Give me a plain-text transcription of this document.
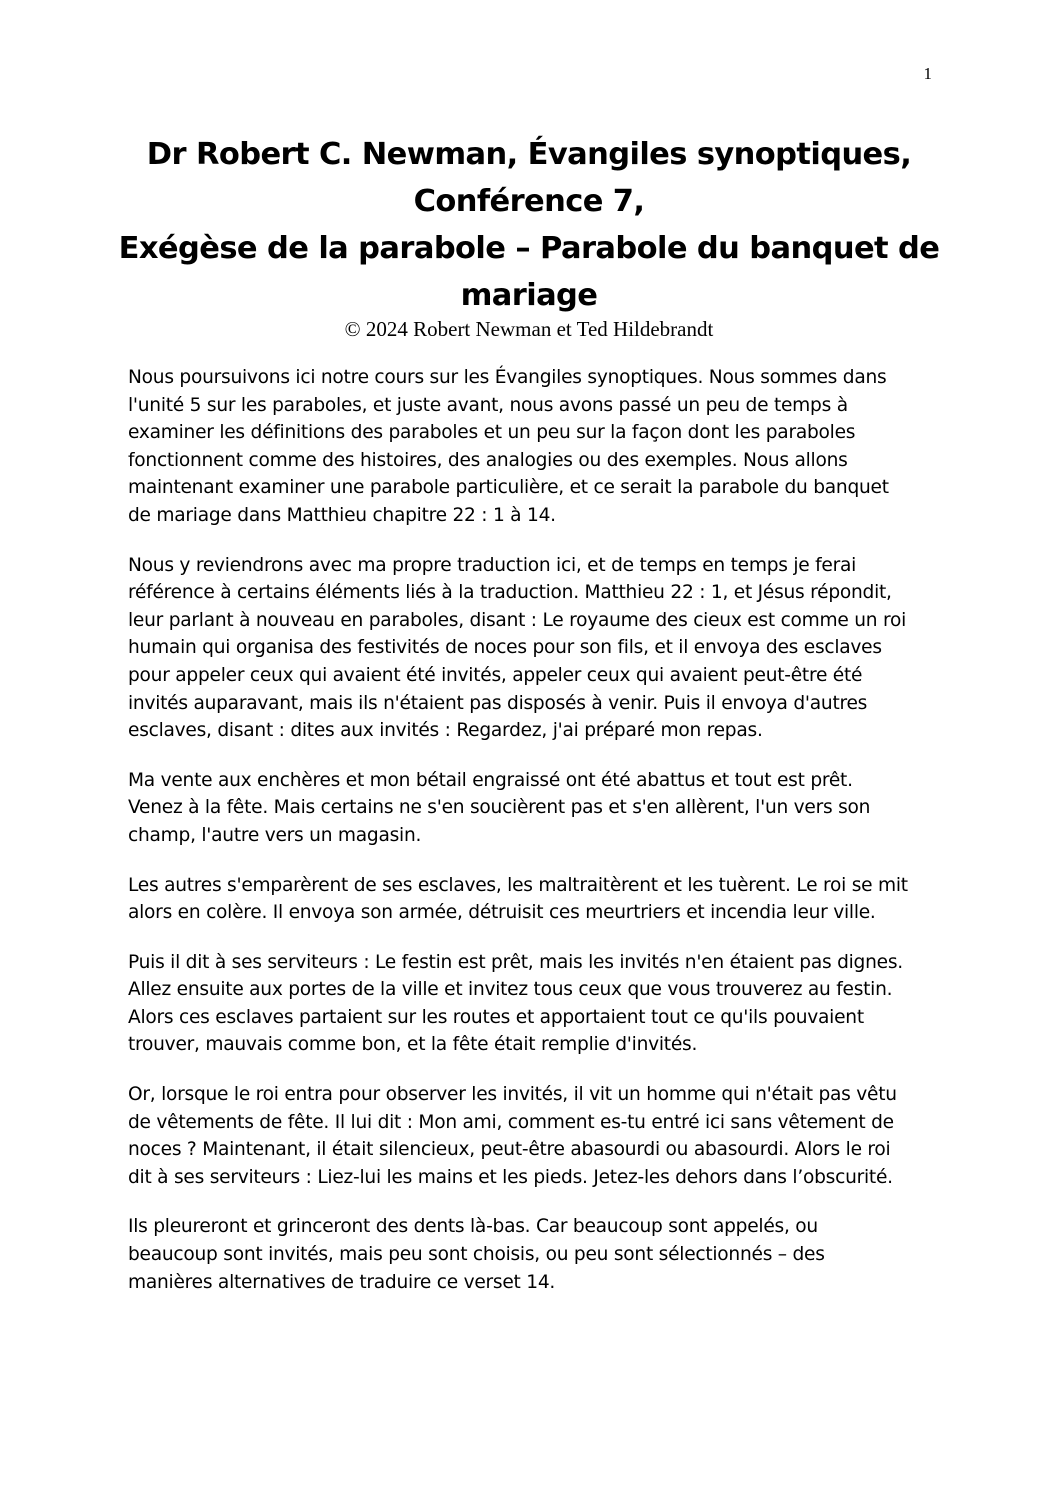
1
Dr Robert C. Newman, Évangiles synoptiques,
Conférence 7,
Exégèse de la parabole – Parabole du banquet de
mariage
© 2024 Robert Newman et Ted Hildebrandt

Nous poursuivons ici notre cours sur les Évangiles synoptiques. Nous sommes dans
l'unité 5 sur les paraboles, et juste avant, nous avons passé un peu de temps à
examiner les définitions des paraboles et un peu sur la façon dont les paraboles
fonctionnent comme des histoires, des analogies ou des exemples. Nous allons
maintenant examiner une parabole particulière, et ce serait la parabole du banquet
de mariage dans Matthieu chapitre 22 : 1 à 14.

Nous y reviendrons avec ma propre traduction ici, et de temps en temps je ferai
référence à certains éléments liés à la traduction. Matthieu 22 : 1, et Jésus répondit,
leur parlant à nouveau en paraboles, disant : Le royaume des cieux est comme un roi
humain qui organisa des festivités de noces pour son fils, et il envoya des esclaves
pour appeler ceux qui avaient été invités, appeler ceux qui avaient peut-être été
invités auparavant, mais ils n'étaient pas disposés à venir. Puis il envoya d'autres
esclaves, disant : dites aux invités : Regardez, j'ai préparé mon repas.

Ma vente aux enchères et mon bétail engraissé ont été abattus et tout est prêt.
Venez à la fête. Mais certains ne s'en soucièrent pas et s'en allèrent, l'un vers son
champ, l'autre vers un magasin.

Les autres s'emparèrent de ses esclaves, les maltraitèrent et les tuèrent. Le roi se mit
alors en colère. Il envoya son armée, détruisit ces meurtriers et incendia leur ville.

Puis il dit à ses serviteurs : Le festin est prêt, mais les invités n'en étaient pas dignes.
Allez ensuite aux portes de la ville et invitez tous ceux que vous trouverez au festin.
Alors ces esclaves partaient sur les routes et apportaient tout ce qu'ils pouvaient
trouver, mauvais comme bon, et la fête était remplie d'invités.

Or, lorsque le roi entra pour observer les invités, il vit un homme qui n'était pas vêtu
de vêtements de fête. Il lui dit : Mon ami, comment es-tu entré ici sans vêtement de
noces ? Maintenant, il était silencieux, peut-être abasourdi ou abasourdi. Alors le roi
dit à ses serviteurs : Liez-lui les mains et les pieds. Jetez-les dehors dans l’obscurité.

Ils pleureront et grinceront des dents là-bas. Car beaucoup sont appelés, ou
beaucoup sont invités, mais peu sont choisis, ou peu sont sélectionnés – des
manières alternatives de traduire ce verset 14.
